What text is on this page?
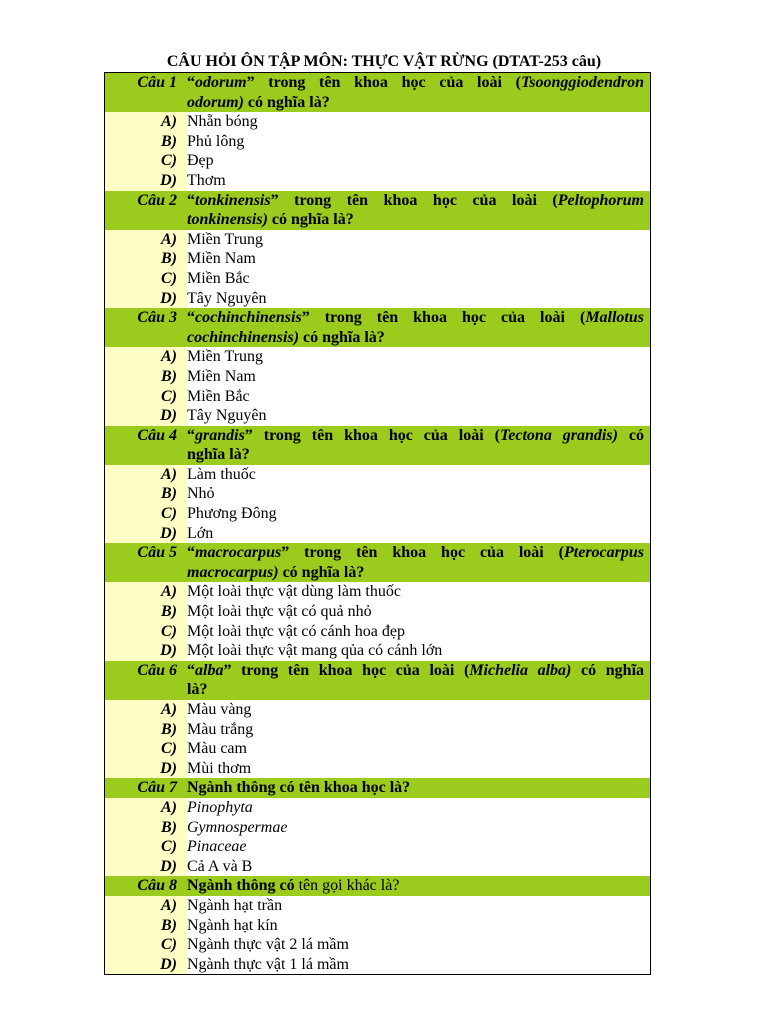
CÂU HỎI ÔN TẬP MÔN: THỰC VẬT RỪNG (DTAT-253 câu)
Câu 1	“odorum” trong tên khoa học của loài (Tsoonggiodendron
odorum) có nghĩa là?

A)	Nhẵn bóng
B)	Phủ lông
C)	Đẹp
D)	Thơm
Câu 2	“tonkinensis” trong tên khoa học của loài (Peltophorum
tonkinensis) có nghĩa là?

A)	Miền Trung
B)	Miền Nam
C)	Miền Bắc
D)	Tây Nguyên
Câu 3	“cochinchinensis” trong tên khoa học của loài (Mallotus
cochinchinensis) có nghĩa là?

A)	Miền Trung
B)	Miền Nam
C)	Miền Bắc
D)	Tây Nguyên
Câu 4	“grandis” trong tên khoa học của loài (Tectona grandis) có
nghĩa là?

A)	Làm thuốc
B)	Nhỏ
C)	Phương Đông
D)	Lớn
Câu 5	“macrocarpus” trong tên khoa học của loài (Pterocarpus
macrocarpus) có nghĩa là?

A)	Một loài thực vật dùng làm thuốc
B)	Một loài thực vật có quả nhỏ
C)	Một loài thực vật có cánh hoa đẹp
D)	Một loài thực vật mang qủa có cánh lớn
Câu 6	“alba” trong tên khoa học của loài (Michelia alba) có nghĩa
là?

A)	Màu vàng
B)	Màu trắng
C)	Màu cam
D)	Mùi thơm
Câu 7	Ngành thông có tên khoa học là?
A)	Pinophyta
B)	Gymnospermae
C)	Pinaceae
D)	Cả A và B
Câu 8	Ngành thông có tên gọi khác là?
A)	Ngành hạt trần
B)	Ngành hạt kín
C)	Ngành thực vật 2 lá mầm
D)	Ngành thực vật 1 lá mầm
